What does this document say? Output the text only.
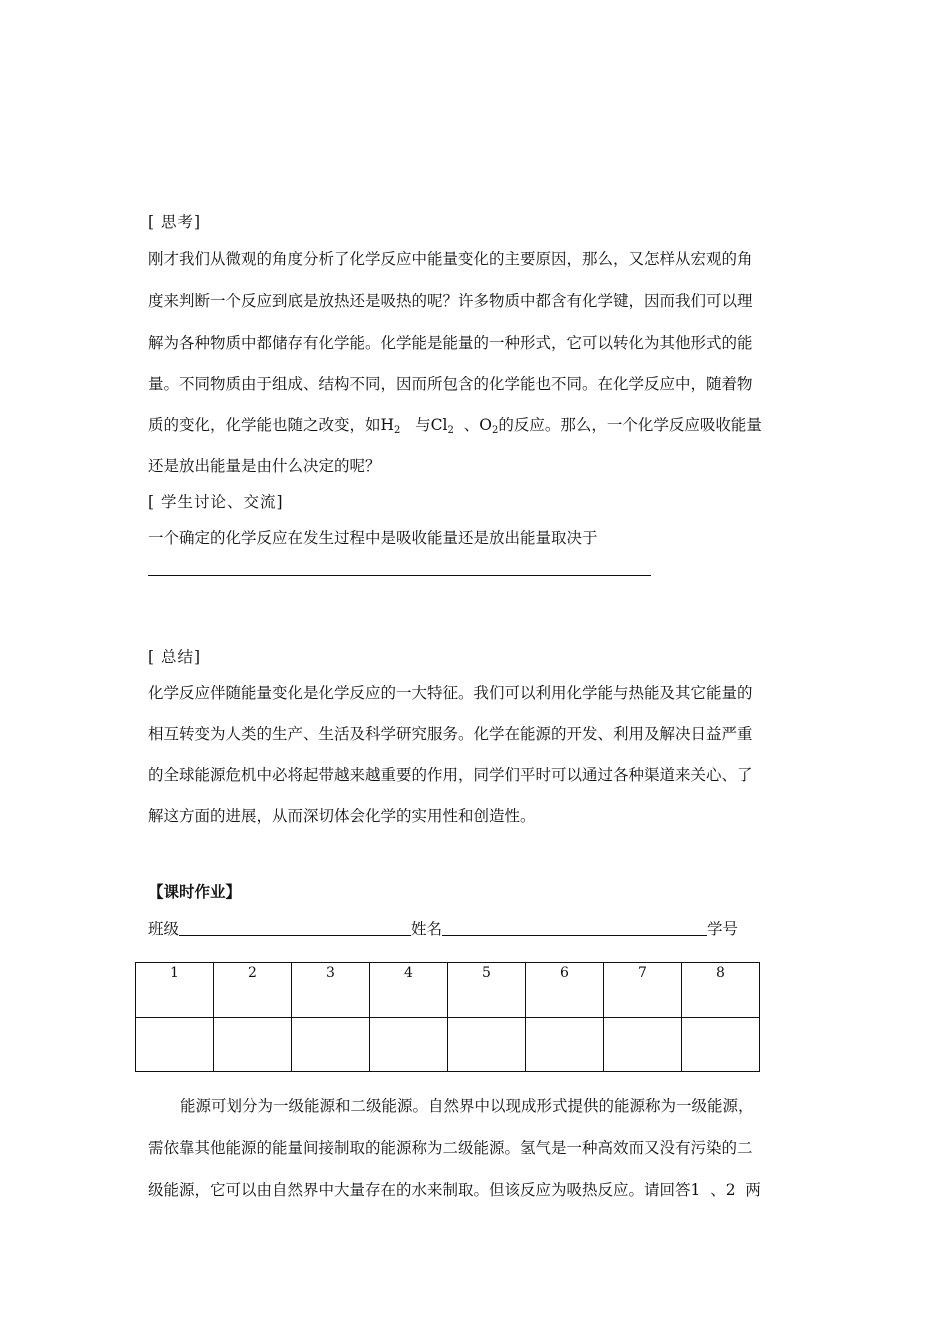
[ 思考]
刚才我们从微观的角度分析了化学反应中能量变化的主要原因，那么，又怎样从宏观的角
度来判断一个反应到底是放热还是吸热的呢？许多物质中都含有化学键，因而我们可以理
解为各种物质中都储存有化学能。化学能是能量的一种形式，它可以转化为其他形式的能
量。不同物质由于组成、结构不同，因而所包含的化学能也不同。在化学反应中，随着物
质的变化，化学能也随之改变，如$H_2$   与$Cl_2$  、$O_2$的反应。那么，一个化学反应吸收能量
还是放出能量是由什么决定的呢？
[ 学生讨论、交流]
一个确定的化学反应在发生过程中是吸收能量还是放出能量取决于
[ 总结]
化学反应伴随能量变化是化学反应的一大特征。我们可以利用化学能与热能及其它能量的
相互转变为人类的生产、生活及科学研究服务。化学在能源的开发、利用及解决日益严重
的全球能源危机中必将起带越来越重要的作用，同学们平时可以通过各种渠道来关心、了
解这方面的进展，从而深切体会化学的实用性和创造性。
【课时作业】
班级	姓名	学号
1	2	3	4	5	6	7	8

能源可划分为一级能源和二级能源。自然界中以现成形式提供的能源称为一级能源，
需依靠其他能源的能量间接制取的能源称为二级能源。氢气是一种高效而又没有污染的二
级能源，它可以由自然界中大量存在的水来制取。但该反应为吸热反应。请回答1  、2  两
